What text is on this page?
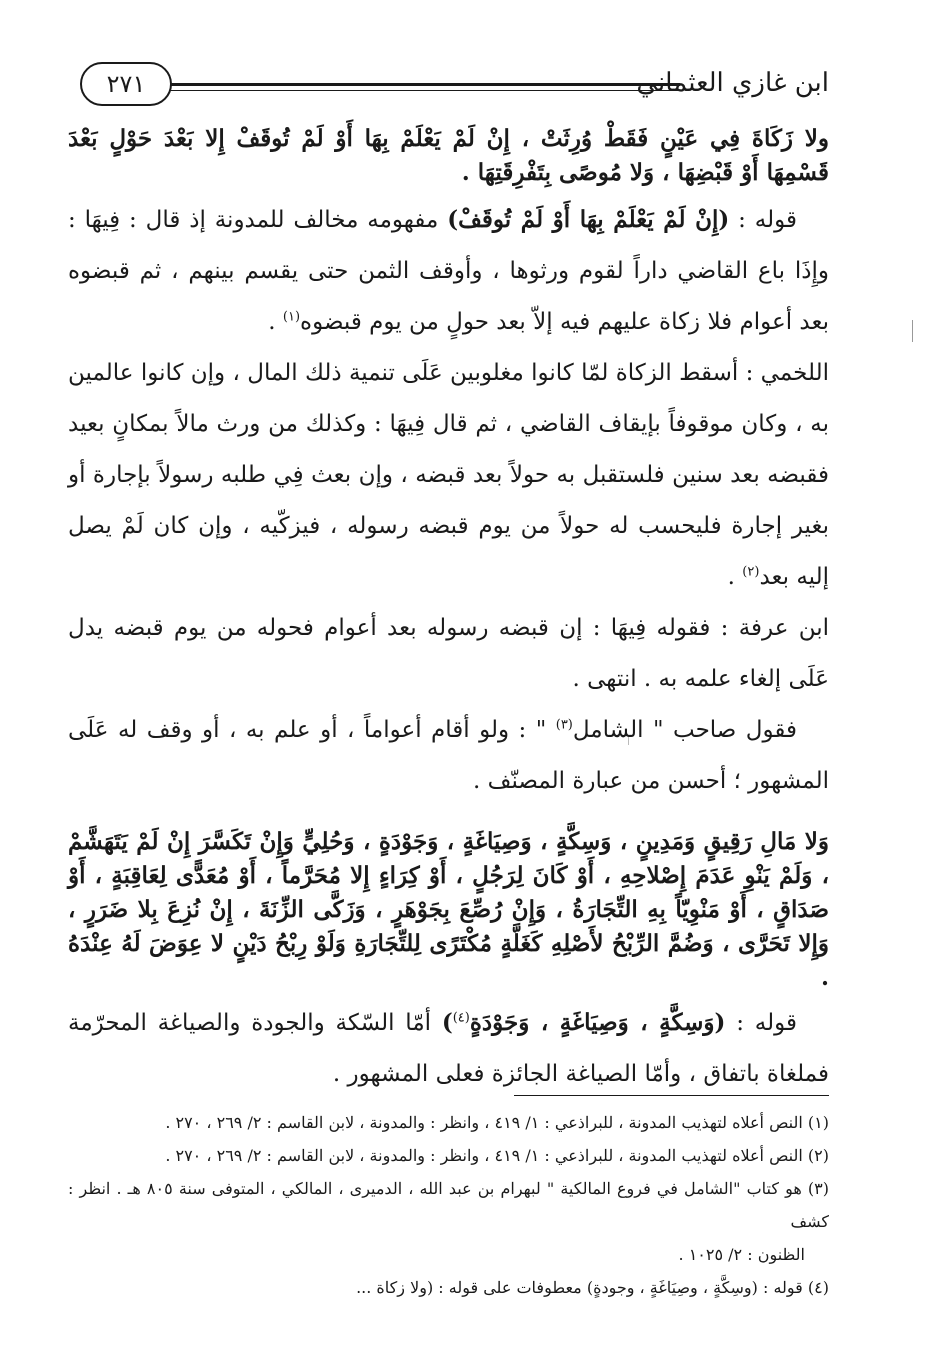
ابن غازي العثماني
٢٧١

ولا زَكَاةَ فِي عَيْنٍ فَقَطْ وُرِثَتْ ، إِنْ لَمْ يَعْلَمْ بِهَا أَوْ لَمْ تُوقَفْ إِلا بَعْدَ حَوْلٍ بَعْدَ قَسْمِهَا أَوْ قَبْضِهَا ، وَلا مُوصًى بِتَفْرِقَتِهَا .

قوله : (إِنْ لَمْ يَعْلَمْ بِهَا أَوْ لَمْ تُوقَفْ) مفهومه مخالف للمدونة إذ قال : فِيهَا : وإِذَا باع القاضي داراً لقوم ورثوها ، وأوقف الثمن حتى يقسم بينهم ، ثم قبضوه بعد أعوام فلا زكاة عليهم فيه إلاّ بعد حولٍ من يوم قبضوه$^{(١)}$ .

اللخمي : أسقط الزكاة لمّا كانوا مغلوبين عَلَى تنمية ذلك المال ، وإن كانوا عالمين به ، وكان موقوفاً بإيقاف القاضي ، ثم قال فِيهَا : وكذلك من ورث مالاً بمكانٍ بعيد فقبضه بعد سنين فلستقبل به حولاً بعد قبضه ، وإن بعث فِي طلبه رسولاً بإجارة أو بغير إجارة فليحسب له حولاً من يوم قبضه رسوله ، فيزكّيه ، وإن كان لَمْ يصل إليه بعد$^{(٢)}$ .

ابن عرفة : فقوله فِيهَا : إن قبضه رسوله بعد أعوام فحوله من يوم قبضه يدل عَلَى إلغاء علمه به . انتهى .

فقول صاحب " الشامل$^{(٣)}$ " : ولو أقام أعواماً ، أو علم به ، أو وقف له عَلَى المشهور ؛ أحسن من عبارة المصنّف .

وَلا مَالِ رَقِيقٍ وَمَدِينٍ ، وَسِكَّةٍ ، وَصِيَاغَةٍ ، وَجَوْدَةٍ ، وَحُلِيٍّ وَإِنْ تَكَسَّرَ إِنْ لَمْ يَتَهَشَّمْ ، وَلَمْ يَنْوِ عَدَمَ إِصْلاحِهِ ، أَوْ كَانَ لِرَجُلٍ ، أَوْ كِرَاءٍ إِلا مُحَرَّماً ، أَوْ مُعَدًّى لِعَاقِبَةٍ ، أَوْ صَدَاقٍ ، أَوْ مَنْوِيّاً بِهِ التِّجَارَةُ ، وَإِنْ رُصِّعَ بِجَوْهَرٍ ، وَزَكَّى الزِّنَةَ ، إِنْ نُزِعَ بِلا ضَرَرٍ ، وَإِلا تَحَرَّى ، وَضُمَّ الرِّبْحُ لأَصْلِهِ كَغَلَّةٍ مُكْتَرًى لِلتِّجَارَةِ وَلَوْ رِبْحُ دَيْنٍ لا عِوَضَ لَهُ عِنْدَهُ .

قوله : (وَسِكَّةٍ ، وَصِيَاغَةٍ ، وَجَوْدَةٍ$^{(٤)}$) أمّا السّكة والجودة والصياغة المحرّمة فملغاة باتفاق ، وأمّا الصياغة الجائزة فعلى المشهور .

(١) النص أعلاه لتهذيب المدونة ، للبراذعي : ١/ ٤١٩ ، وانظر : والمدونة ، لابن القاسم : ٢/ ٢٦٩ ، ٢٧٠ .

(٢) النص أعلاه لتهذيب المدونة ، للبراذعي : ١/ ٤١٩ ، وانظر : والمدونة ، لابن القاسم : ٢/ ٢٦٩ ، ٢٧٠ .

(٣) هو كتاب "الشامل في فروع المالكية " لبهرام بن عبد الله ، الدميرى ، المالكي ، المتوفى سنة ٨٠٥ هـ . انظر : كشف

الظنون : ٢/ ١٠٢٥ .

(٤) قوله : (وسِكَّةٍ ، وصِيَاغَةٍ ، وجودةٍ) معطوفات على قوله : (ولا زكاة ...
